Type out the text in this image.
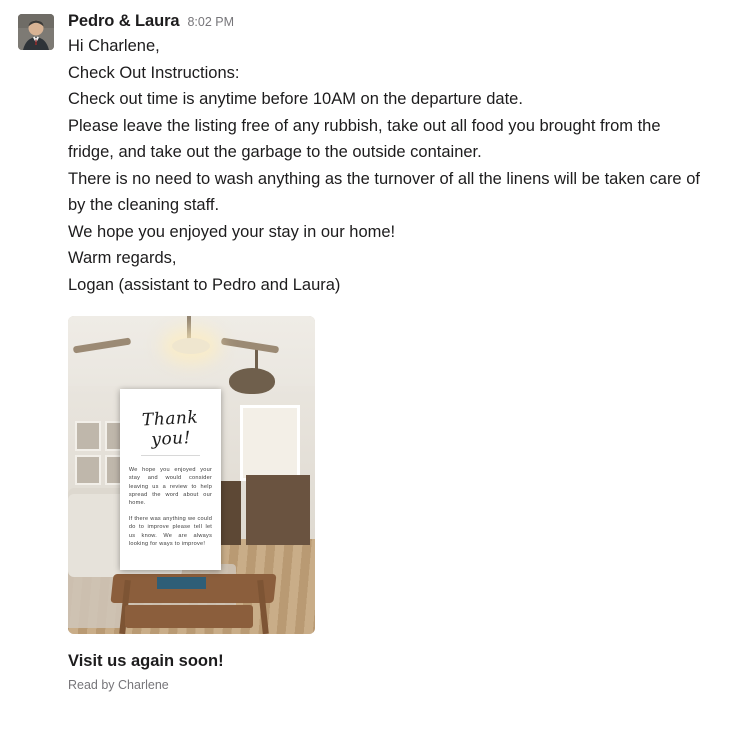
Pedro & Laura 8:02 PM
Hi Charlene,
Check Out Instructions:
Check out time is anytime before 10AM on the departure date.
Please leave the listing free of any rubbish, take out all food you brought from the fridge, and take out the garbage to the outside container.
There is no need to wash anything as the turnover of all the linens will be taken care of by the cleaning staff.
We hope you enjoyed your stay in our home!
Warm regards,
Logan (assistant to Pedro and Laura)
Thank you!

We hope you enjoyed your stay and would consider leaving us a review to help spread the word about our home.

If there was anything we could do to improve please tell let us know. We are always looking for ways to improve!

Visit us again soon!
Read by Charlene
